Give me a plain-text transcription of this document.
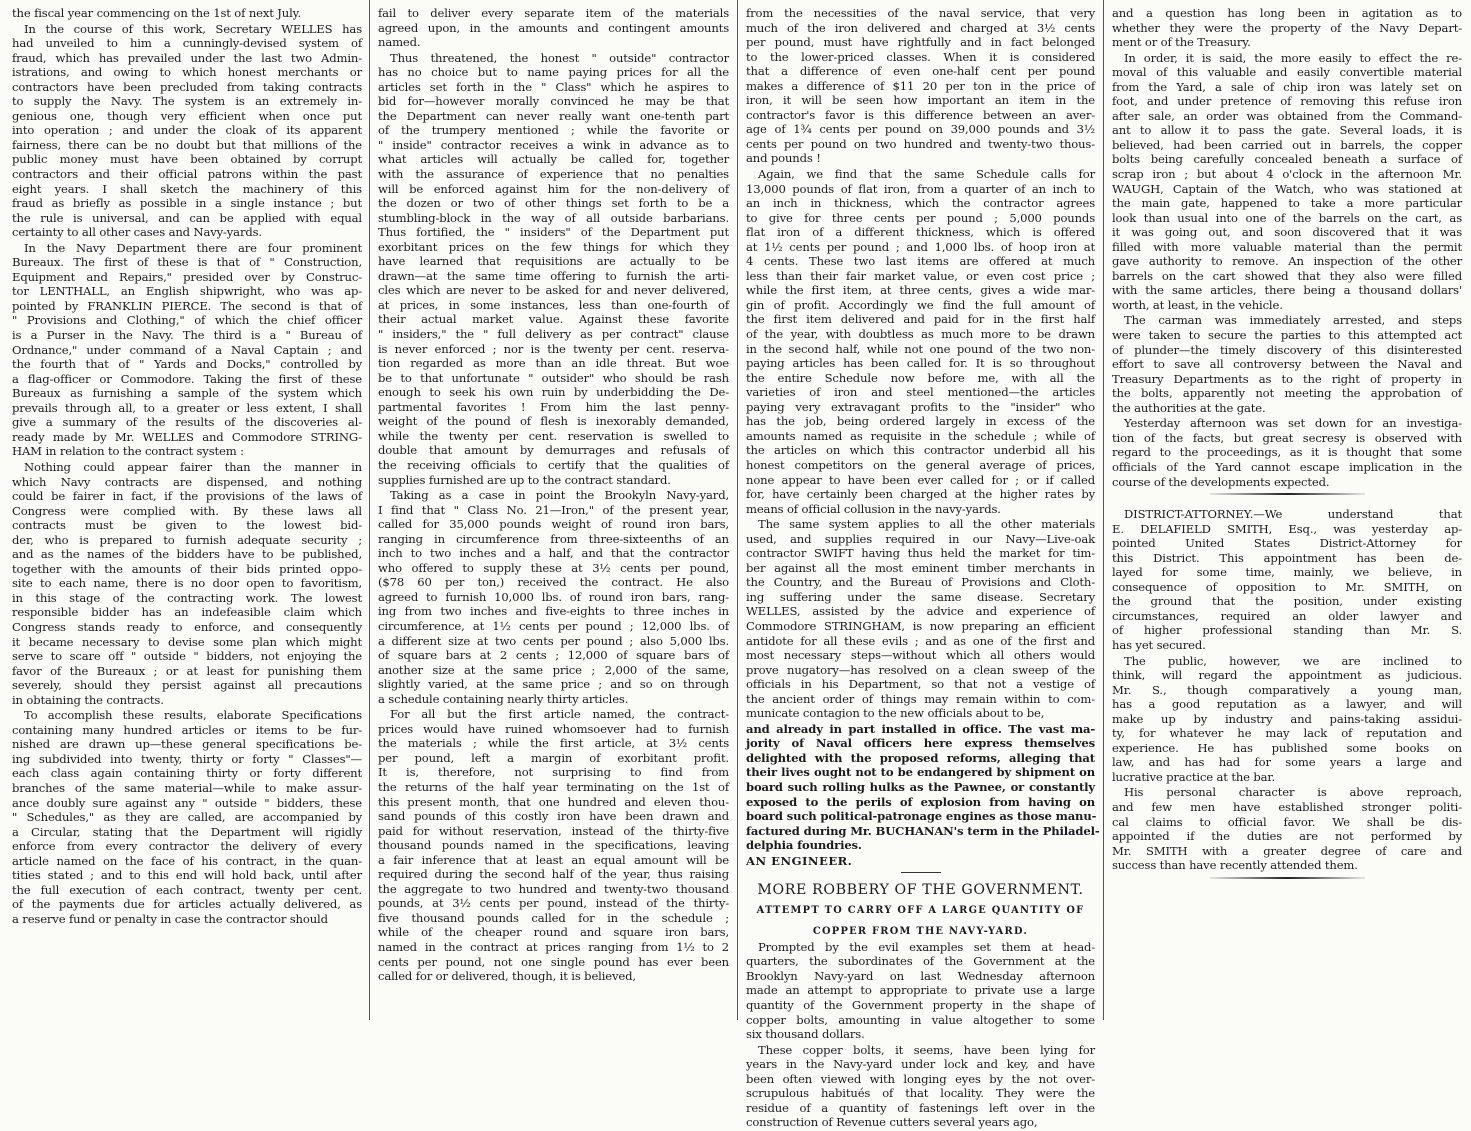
the fiscal year commencing on the 1st of next July.
In the course of this work, Secretary WELLES has
had unveiled to him a cunningly-devised system of
fraud, which has prevailed under the last two Admin-
istrations, and owing to which honest merchants or
contractors have been precluded from taking contracts
to supply the Navy. The system is an extremely in-
genious one, though very efficient when once put
into operation ; and under the cloak of its apparent
fairness, there can be no doubt but that millions of the
public money must have been obtained by corrupt
contractors and their official patrons within the past
eight years. I shall sketch the machinery of this
fraud as briefly as possible in a single instance ; but
the rule is universal, and can be applied with equal
certainty to all other cases and Navy-yards.
In the Navy Department there are four prominent
Bureaux. The first of these is that of " Construction,
Equipment and Repairs," presided over by Construc-
tor LENTHALL, an English shipwright, who was ap-
pointed by FRANKLIN PIERCE. The second is that of
" Provisions and Clothing," of which the chief officer
is a Purser in the Navy. The third is a " Bureau of
Ordnance," under command of a Naval Captain ; and
the fourth that of " Yards and Docks," controlled by
a flag-officer or Commodore. Taking the first of these
Bureaux as furnishing a sample of the system which
prevails through all, to a greater or less extent, I shall
give a summary of the results of the discoveries al-
ready made by Mr. WELLES and Commodore STRING-
HAM in relation to the contract system :
Nothing could appear fairer than the manner in
which Navy contracts are dispensed, and nothing
could be fairer in fact, if the provisions of the laws of
Congress were complied with. By these laws all
contracts must be given to the lowest bid-
der, who is prepared to furnish adequate security ;
and as the names of the bidders have to be published,
together with the amounts of their bids printed oppo-
site to each name, there is no door open to favoritism,
in this stage of the contracting work. The lowest
responsible bidder has an indefeasible claim which
Congress stands ready to enforce, and consequently
it became necessary to devise some plan which might
serve to scare off " outside " bidders, not enjoying the
favor of the Bureaux ; or at least for punishing them
severely, should they persist against all precautions
in obtaining the contracts.
To accomplish these results, elaborate Specifications
containing many hundred articles or items to be fur-
nished are drawn up—these general specifications be-
ing subdivided into twenty, thirty or forty " Classes"—
each class again containing thirty or forty different
branches of the same material—while to make assur-
ance doubly sure against any " outside " bidders, these
" Schedules," as they are called, are accompanied by
a Circular, stating that the Department will rigidly
enforce from every contractor the delivery of every
article named on the face of his contract, in the quan-
tities stated ; and to this end will hold back, until after
the full execution of each contract, twenty per cent.
of the payments due for articles actually delivered, as
a reserve fund or penalty in case the contractor should
fail to deliver every separate item of the materials
agreed upon, in the amounts and contingent amounts
named.
Thus threatened, the honest " outside" contractor
has no choice but to name paying prices for all the
articles set forth in the " Class" which he aspires to
bid for—however morally convinced he may be that
the Department can never really want one-tenth part
of the trumpery mentioned ; while the favorite or
" inside" contractor receives a wink in advance as to
what articles will actually be called for, together
with the assurance of experience that no penalties
will be enforced against him for the non-delivery of
the dozen or two of other things set forth to be a
stumbling-block in the way of all outside barbarians.
Thus fortified, the " insiders" of the Department put
exorbitant prices on the few things for which they
have learned that requisitions are actually to be
drawn—at the same time offering to furnish the arti-
cles which are never to be asked for and never delivered,
at prices, in some instances, less than one-fourth of
their actual market value. Against these favorite
" insiders," the " full delivery as per contract" clause
is never enforced ; nor is the twenty per cent. reserva-
tion regarded as more than an idle threat. But woe
be to that unfortunate " outsider" who should be rash
enough to seek his own ruin by underbidding the De-
partmental favorites ! From him the last penny-
weight of the pound of flesh is inexorably demanded,
while the twenty per cent. reservation is swelled to
double that amount by demurrages and refusals of
the receiving officials to certify that the qualities of
supplies furnished are up to the contract standard.
Taking as a case in point the Brookyln Navy-yard,
I find that " Class No. 21—Iron," of the present year,
called for 35,000 pounds weight of round iron bars,
ranging in circumference from three-sixteenths of an
inch to two inches and a half, and that the contractor
who offered to supply these at 3½ cents per pound,
($78 60 per ton,) received the contract. He also
agreed to furnish 10,000 lbs. of round iron bars, rang-
ing from two inches and five-eights to three inches in
circumference, at 1½ cents per pound ; 12,000 lbs. of
a different size at two cents per pound ; also 5,000 lbs.
of square bars at 2 cents ; 12,000 of square bars of
another size at the same price ; 2,000 of the same,
slightly varied, at the same price ; and so on through
a schedule containing nearly thirty articles.
For all but the first article named, the contract-
prices would have ruined whomsoever had to furnish
the materials ; while the first article, at 3½ cents
per pound, left a margin of exorbitant profit.
It is, therefore, not surprising to find from
the returns of the half year terminating on the 1st of
this present month, that one hundred and eleven thou-
sand pounds of this costly iron have been drawn and
paid for without reservation, instead of the thirty-five
thousand pounds named in the specifications, leaving
a fair inference that at least an equal amount will be
required during the second half of the year, thus raising
the aggregate to two hundred and twenty-two thousand
pounds, at 3½ cents per pound, instead of the thirty-
five thousand pounds called for in the schedule ;
while of the cheaper round and square iron bars,
named in the contract at prices ranging from 1½ to 2
cents per pound, not one single pound has ever been
called for or delivered, though, it is believed,
from the necessities of the naval service, that very
much of the iron delivered and charged at 3½ cents
per pound, must have rightfully and in fact belonged
to the lower-priced classes. When it is considered
that a difference of even one-half cent per pound
makes a difference of $11 20 per ton in the price of
iron, it will be seen how important an item in the
contractor's favor is this difference between an aver-
age of 1¾ cents per pound on 39,000 pounds and 3½
cents per pound on two hundred and twenty-two thous-
and pounds !
Again, we find that the same Schedule calls for
13,000 pounds of flat iron, from a quarter of an inch to
an inch in thickness, which the contractor agrees
to give for three cents per pound ; 5,000 pounds
flat iron of a different thickness, which is offered
at 1½ cents per pound ; and 1,000 lbs. of hoop iron at
4 cents. These two last items are offered at much
less than their fair market value, or even cost price ;
while the first item, at three cents, gives a wide mar-
gin of profit. Accordingly we find the full amount of
the first item delivered and paid for in the first half
of the year, with doubtless as much more to be drawn
in the second half, while not one pound of the two non-
paying articles has been called for. It is so throughout
the entire Schedule now before me, with all the
varieties of iron and steel mentioned—the articles
paying very extravagant profits to the "insider" who
has the job, being ordered largely in excess of the
amounts named as requisite in the schedule ; while of
the articles on which this contractor underbid all his
honest competitors on the general average of prices,
none appear to have been ever called for ; or if called
for, have certainly been charged at the higher rates by
means of official collusion in the navy-yards.
The same system applies to all the other materials
used, and supplies required in our Navy—Live-oak
contractor SWIFT having thus held the market for tim-
ber against all the most eminent timber merchants in
the Country, and the Bureau of Provisions and Cloth-
ing suffering under the same disease. Secretary
WELLES, assisted by the advice and experience of
Commodore STRINGHAM, is now preparing an efficient
antidote for all these evils ; and as one of the first and
most necessary steps—without which all others would
prove nugatory—has resolved on a clean sweep of the
officials in his Department, so that not a vestige of
the ancient order of things may remain within to com-
municate contagion to the new officials about to be,
and already in part installed in office. The vast ma-
jority of Naval officers here express themselves
delighted with the proposed reforms, alleging that
their lives ought not to be endangered by shipment on
board such rolling hulks as the Pawnee, or constantly
exposed to the perils of explosion from having on
board such political-patronage engines as those manu-
factured during Mr. BUCHANAN's term in the Philadel-
delphia foundries.
AN ENGINEER.
MORE ROBBERY OF THE GOVERNMENT.
ATTEMPT TO CARRY OFF A LARGE QUANTITY OF
COPPER FROM THE NAVY-YARD.
Prompted by the evil examples set them at head-
quarters, the subordinates of the Government at the
Brooklyn Navy-yard on last Wednesday afternoon
made an attempt to appropriate to private use a large
quantity of the Government property in the shape of
copper bolts, amounting in value altogether to some
six thousand dollars.
These copper bolts, it seems, have been lying for
years in the Navy-yard under lock and key, and have
been often viewed with longing eyes by the not over-
scrupulous habitués of that locality. They were the
residue of a quantity of fastenings left over in the
construction of Revenue cutters several years ago,
and a question has long been in agitation as to
whether they were the property of the Navy Depart-
ment or of the Treasury.
In order, it is said, the more easily to effect the re-
moval of this valuable and easily convertible material
from the Yard, a sale of chip iron was lately set on
foot, and under pretence of removing this refuse iron
after sale, an order was obtained from the Command-
ant to allow it to pass the gate. Several loads, it is
believed, had been carried out in barrels, the copper
bolts being carefully concealed beneath a surface of
scrap iron ; but about 4 o'clock in the afternoon Mr.
WAUGH, Captain of the Watch, who was stationed at
the main gate, happened to take a more particular
look than usual into one of the barrels on the cart, as
it was going out, and soon discovered that it was
filled with more valuable material than the permit
gave authority to remove. An inspection of the other
barrels on the cart showed that they also were filled
with the same articles, there being a thousand dollars'
worth, at least, in the vehicle.
The carman was immediately arrested, and steps
were taken to secure the parties to this attempted act
of plunder—the timely discovery of this disinterested
effort to save all controversy between the Naval and
Treasury Departments as to the right of property in
the bolts, apparently not meeting the approbation of
the authorities at the gate.
Yesterday afternoon was set down for an investiga-
tion of the facts, but great secresy is observed with
regard to the proceedings, as it is thought that some
officials of the Yard cannot escape implication in the
course of the developments expected.
DISTRICT-ATTORNEY.—We understand that
E. DELAFIELD SMITH, Esq., was yesterday ap-
pointed United States District-Attorney for
this District. This appointment has been de-
layed for some time, mainly, we believe, in
consequence of opposition to Mr. SMITH, on
the ground that the position, under existing
circumstances, required an older lawyer and
of higher professional standing than Mr. S.
has yet secured.
The public, however, we are inclined to
think, will regard the appointment as judicious.
Mr. S., though comparatively a young man,
has a good reputation as a lawyer, and will
make up by industry and pains-taking assidui-
ty, for whatever he may lack of reputation and
experience. He has published some books on
law, and has had for some years a large and
lucrative practice at the bar.
His personal character is above reproach,
and few men have established stronger politi-
cal claims to official favor. We shall be dis-
appointed if the duties are not performed by
Mr. SMITH with a greater degree of care and
success than have recently attended them.
